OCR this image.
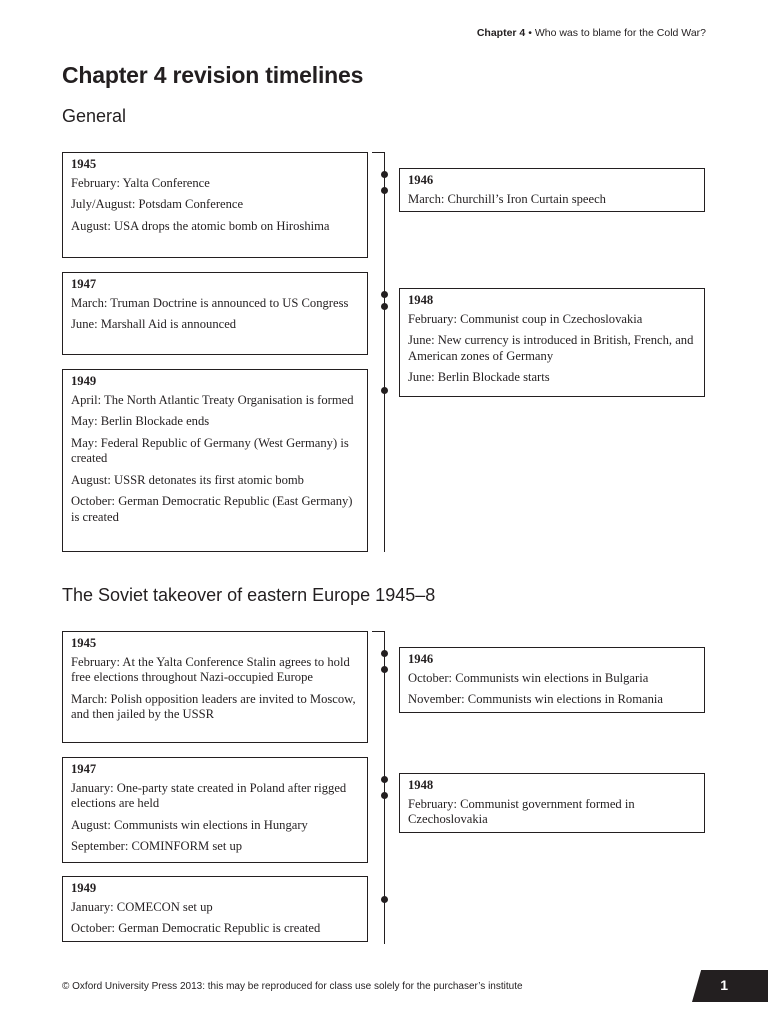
Chapter 4 • Who was to blame for the Cold War?
Chapter 4 revision timelines
General
1945
February: Yalta Conference
July/August: Potsdam Conference
August: USA drops the atomic bomb on Hiroshima
1947
March: Truman Doctrine is announced to US Congress
June: Marshall Aid is announced
1949
April: The North Atlantic Treaty Organisation is formed
May: Berlin Blockade ends
May: Federal Republic of Germany (West Germany) is created
August: USSR detonates its first atomic bomb
October: German Democratic Republic (East Germany) is created
1946
March: Churchill’s Iron Curtain speech
1948
February: Communist coup in Czechoslovakia
June: New currency is introduced in British, French, and American zones of Germany
June: Berlin Blockade starts
The Soviet takeover of eastern Europe 1945–8
1945
February: At the Yalta Conference Stalin agrees to hold free elections throughout Nazi-occupied Europe
March: Polish opposition leaders are invited to Moscow, and then jailed by the USSR
1947
January: One-party state created in Poland after rigged elections are held
August: Communists win elections in Hungary
September: COMINFORM set up
1949
January: COMECON set up
October: German Democratic Republic is created
1946
October: Communists win elections in Bulgaria
November: Communists win elections in Romania
1948
February: Communist government formed in Czechoslovakia
© Oxford University Press 2013: this may be reproduced for class use solely for the purchaser’s institute	1
